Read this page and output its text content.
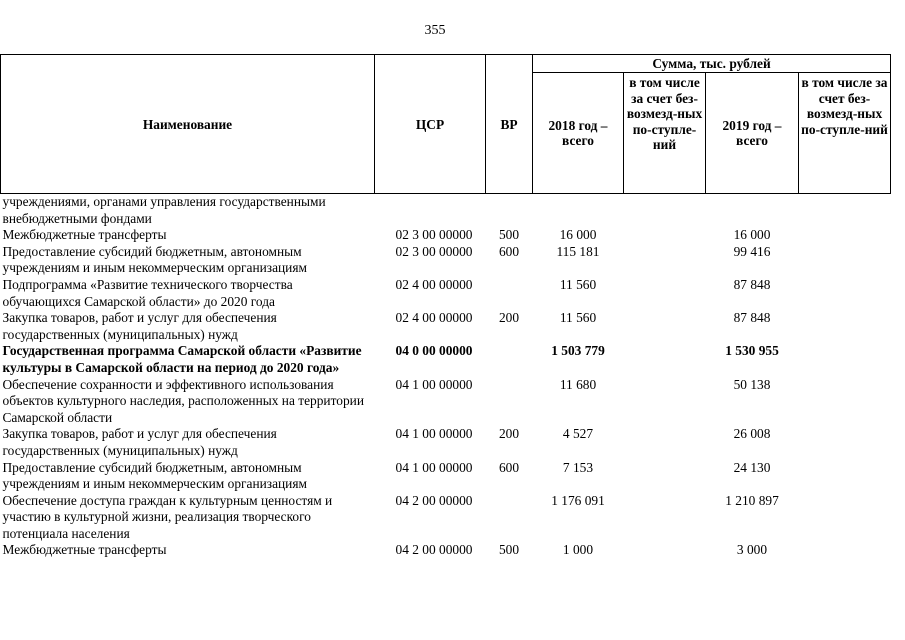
355
Наименование	ЦСР	ВР	Сумма, тыс. рублей			
			2018 год – всего	в том числе за счет без-возмезд-ных по-ступле-ний	2019 год – всего	в том числе за счет без-возмезд-ных по-ступле-ний
учреждениями, органами управления государственными внебюджетными фондами						
Межбюджетные трансферты	02 3 00 00000	500	16 000		16 000	
Предоставление субсидий бюджетным, автономным учреждениям и иным некоммерческим организациям	02 3 00 00000	600	115 181		99 416	
Подпрограмма «Развитие технического творчества обучающихся Самарской области» до 2020 года	02 4 00 00000		11 560		87 848	
Закупка товаров, работ и услуг для обеспечения государственных (муниципальных) нужд	02 4 00 00000	200	11 560		87 848	
Государственная программа Самарской области «Развитие культуры в Самарской области на период до 2020 года»	04 0 00 00000		1 503 779		1 530 955	
Обеспечение сохранности и эффективного использования объектов культурного наследия, расположенных на территории Самарской области	04 1 00 00000		11 680		50 138	
Закупка товаров, работ и услуг для обеспечения государственных (муниципальных) нужд	04 1 00 00000	200	4 527		26 008	
Предоставление субсидий бюджетным, автономным учреждениям и иным некоммерческим организациям	04 1 00 00000	600	7 153		24 130	
Обеспечение доступа граждан к культурным ценностям и участию в культурной жизни, реализация творческого потенциала населения	04 2 00 00000		1 176 091		1 210 897	
Межбюджетные трансферты	04 2 00 00000	500	1 000		3 000	
